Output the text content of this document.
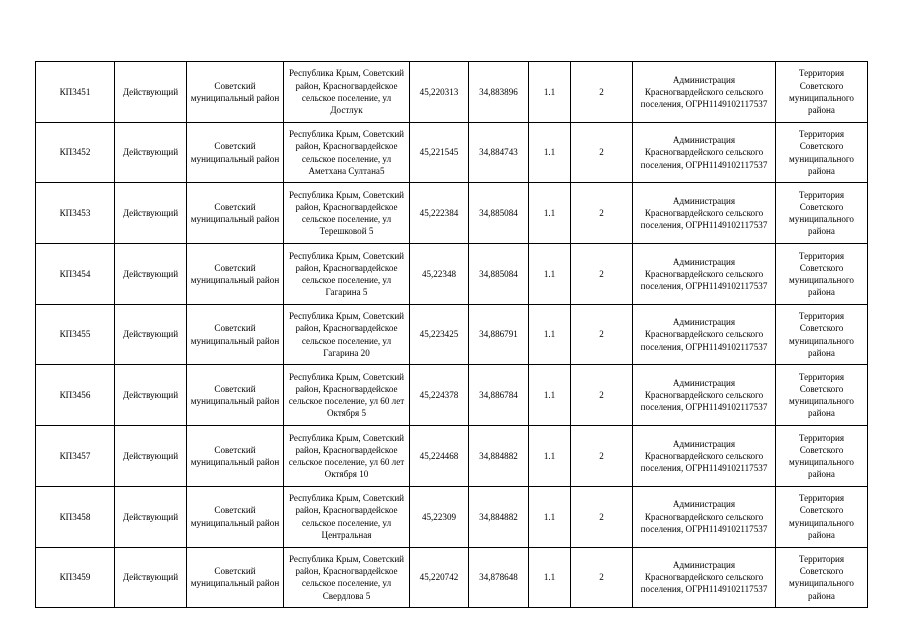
КП3451	Действующий	Советский муниципальный район	Республика Крым, Советский район, Красногвардейское сельское поселение, ул Достлук	45,220313	34,883896	1.1	2	Администрация Красногвардейского сельского поселения, ОГРН1149102117537	Территория Советского муниципального района
КП3452	Действующий	Советский муниципальный район	Республика Крым, Советский район, Красногвардейское сельское поселение, ул Аметхана Султана5	45,221545	34,884743	1.1	2	Администрация Красногвардейского сельского поселения, ОГРН1149102117537	Территория Советского муниципального района
КП3453	Действующий	Советский муниципальный район	Республика Крым, Советский район, Красногвардейское сельское поселение, ул Терешковой 5	45,222384	34,885084	1.1	2	Администрация Красногвардейского сельского поселения, ОГРН1149102117537	Территория Советского муниципального района
КП3454	Действующий	Советский муниципальный район	Республика Крым, Советский район, Красногвардейское сельское поселение, ул Гагарина 5	45,22348	34,885084	1.1	2	Администрация Красногвардейского сельского поселения, ОГРН1149102117537	Территория Советского муниципального района
КП3455	Действующий	Советский муниципальный район	Республика Крым, Советский район, Красногвардейское сельское поселение, ул Гагарина 20	45,223425	34,886791	1.1	2	Администрация Красногвардейского сельского поселения, ОГРН1149102117537	Территория Советского муниципального района
КП3456	Действующий	Советский муниципальный район	Республика Крым, Советский район, Красногвардейское сельское поселение, ул 60 лет Октября 5	45,224378	34,886784	1.1	2	Администрация Красногвардейского сельского поселения, ОГРН1149102117537	Территория Советского муниципального района
КП3457	Действующий	Советский муниципальный район	Республика Крым, Советский район, Красногвардейское сельское поселение, ул 60 лет Октября 10	45,224468	34,884882	1.1	2	Администрация Красногвардейского сельского поселения, ОГРН1149102117537	Территория Советского муниципального района
КП3458	Действующий	Советский муниципальный район	Республика Крым, Советский район, Красногвардейское сельское поселение, ул Центральная	45,22309	34,884882	1.1	2	Администрация Красногвардейского сельского поселения, ОГРН1149102117537	Территория Советского муниципального района
КП3459	Действующий	Советский муниципальный район	Республика Крым, Советский район, Красногвардейское сельское поселение, ул Свердлова 5	45,220742	34,878648	1.1	2	Администрация Красногвардейского сельского поселения, ОГРН1149102117537	Территория Советского муниципального района
